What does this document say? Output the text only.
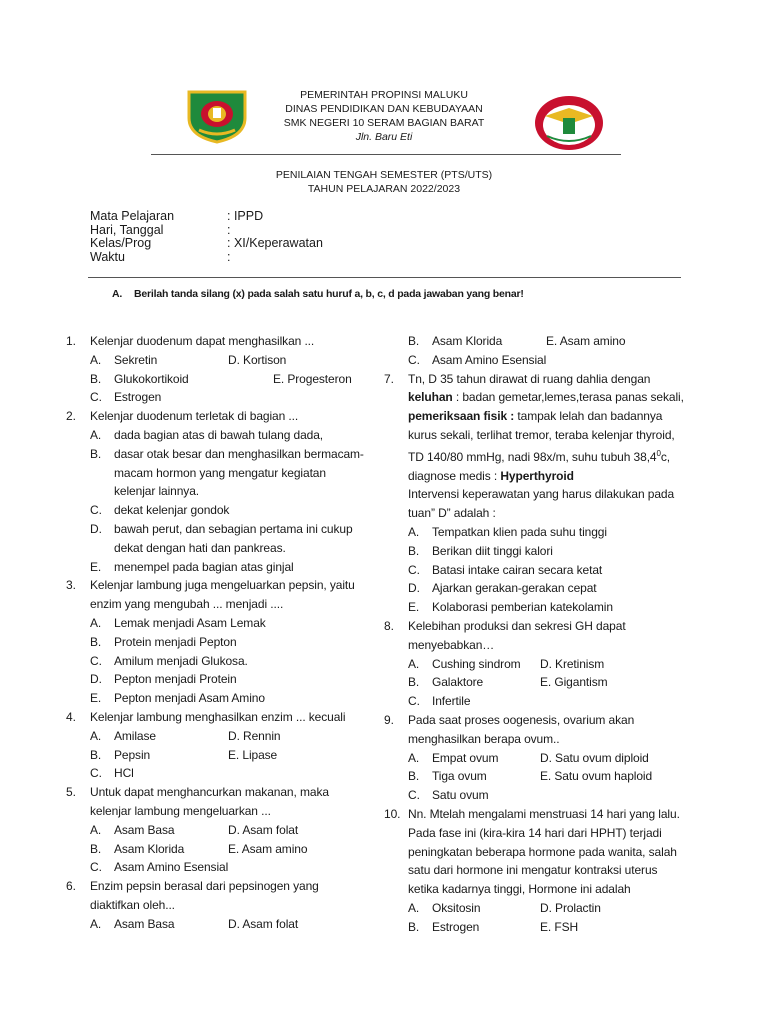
PEMERINTAH PROPINSI MALUKU
DINAS PENDIDIKAN DAN KEBUDAYAAN
SMK NEGERI 10 SERAM BAGIAN BARAT
Jln. Baru Eti
PENILAIAN TENGAH SEMESTER (PTS/UTS)
TAHUN PELAJARAN 2022/2023
Mata Pelajaran	: IPPD
Hari, Tanggal	:
Kelas/Prog	: XI/Keperawatan
Waktu	:
A. Berilah tanda silang (x) pada salah satu huruf a, b, c, d pada jawaban yang benar!
1.	Kelenjar duodenum dapat menghasilkan ...
A.	Sekretin	D. Kortison
B.	Glukokortikoid	E. Progesteron
C.	Estrogen
2.	Kelenjar duodenum terletak di bagian ...
A.	dada bagian atas di bawah tulang dada,
B.	dasar otak besar dan menghasilkan bermacam-macam hormon yang mengatur kegiatan kelenjar lainnya.
C.	dekat kelenjar gondok
D.	bawah perut, dan sebagian pertama ini cukup dekat dengan hati dan pankreas.
E.	menempel pada bagian atas ginjal
3.	Kelenjar lambung juga mengeluarkan pepsin, yaitu enzim yang mengubah ... menjadi ....
A.	Lemak menjadi Asam Lemak
B.	Protein menjadi Pepton
C.	Amilum menjadi Glukosa.
D.	Pepton menjadi Protein
E.	Pepton menjadi Asam Amino
4.	Kelenjar lambung menghasilkan enzim ... kecuali
A.	Amilase	D. Rennin
B.	Pepsin	E. Lipase
C.	HCl
5.	Untuk dapat menghancurkan makanan, maka kelenjar lambung mengeluarkan ...
A.	Asam Basa	D. Asam folat
B.	Asam Klorida	E. Asam amino
C.	Asam Amino Esensial
6.	Enzim pepsin berasal dari pepsinogen yang diaktifkan oleh...
A.	Asam Basa	D. Asam folat
B.	Asam Klorida	E. Asam amino
C.	Asam Amino Esensial
7.	Tn, D 35 tahun dirawat di ruang dahlia dengan
keluhan : badan gemetar,lemes,terasa panas sekali, pemeriksaan fisik : tampak lelah dan badannya kurus sekali, terlihat tremor, teraba kelenjar thyroid, TD 140/80 mmHg, nadi 98x/m, suhu tubuh 38,4$^0$c,
diagnose medis : Hyperthyroid
Intervensi keperawatan yang harus dilakukan pada tuan” D” adalah :
A.	Tempatkan klien pada suhu tinggi
B.	Berikan diit tinggi kalori
C.	Batasi intake cairan secara ketat
D.	Ajarkan gerakan-gerakan cepat
E.	Kolaborasi pemberian katekolamin
8.	Kelebihan produksi dan sekresi GH dapat menyebabkan…
A.	Cushing sindrom D. Kretinism
B.	Galaktore	E. Gigantism
C.	Infertile
9.	Pada saat proses oogenesis, ovarium akan menghasilkan berapa ovum..
A.	Empat ovum	D. Satu ovum diploid
B.	Tiga ovum	E. Satu ovum haploid
C.	Satu ovum
10. Nn. Mtelah mengalami menstruasi 14 hari yang lalu. Pada fase ini (kira-kira 14 hari dari HPHT) terjadi peningkatan beberapa hormone pada wanita, salah satu dari hormone ini mengatur kontraksi uterus ketika kadarnya tinggi, Hormone ini adalah
A.	Oksitosin	D. Prolactin
B.	Estrogen	E. FSH
